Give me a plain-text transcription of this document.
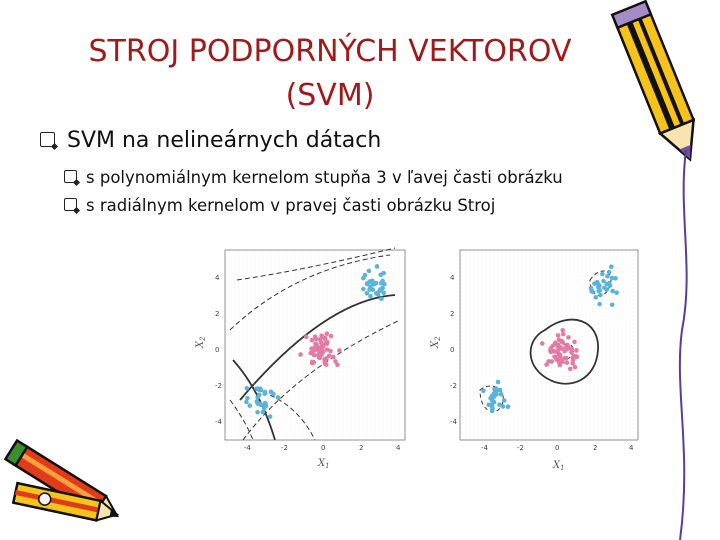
STROJ PODPORNÝCH VEKTOROV
(SVM)
SVM na nelineárnych dátach
s polynomiálnym kernelom stupňa 3 v ľavej časti obrázku
s radiálnym kernelom v pravej časti obrázku Stroj
-4	-2	0	2	4
-4
-2
0
2
4
$X_1$
$X_2$
-4	-2	0	2	4
-4
-2
0
2
4
$X_1$
$X_2$
